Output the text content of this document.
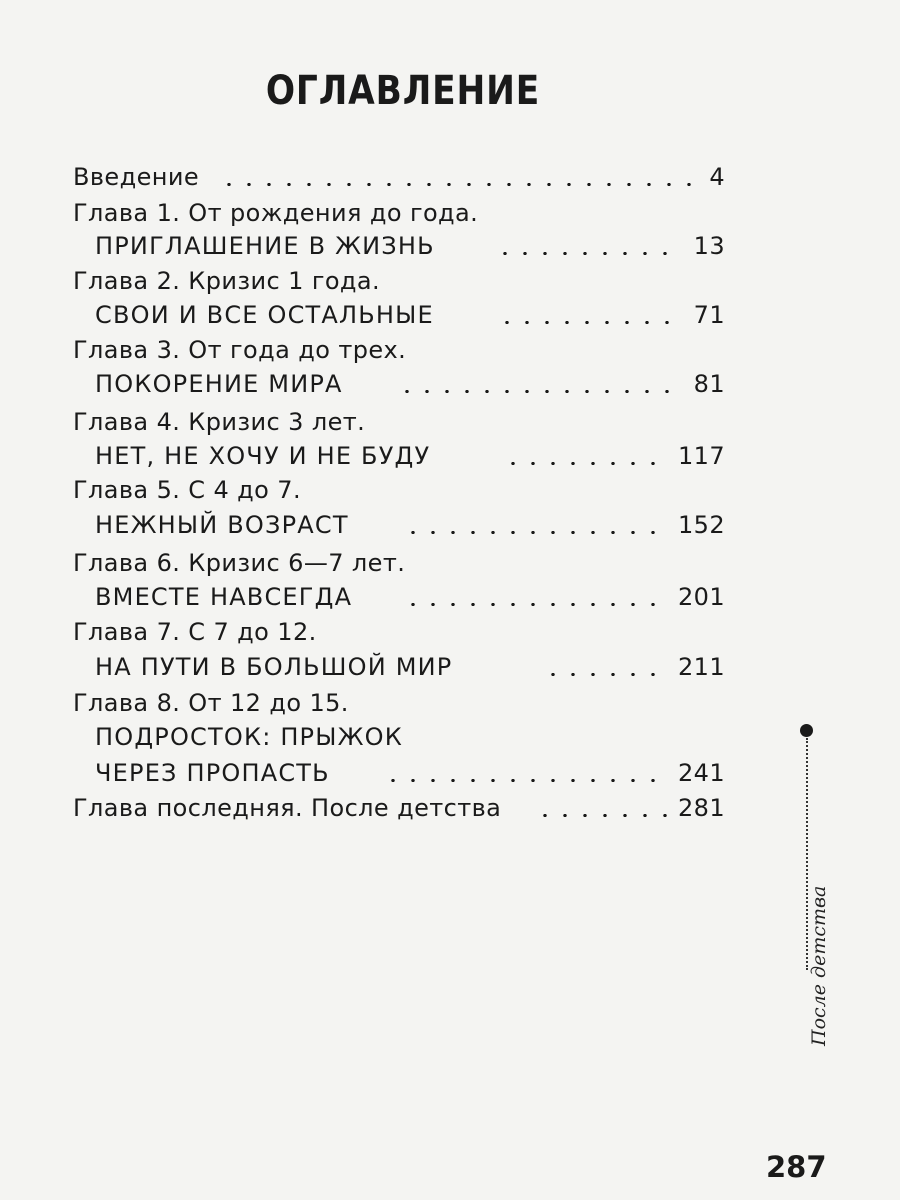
ОГЛАВЛЕНИЕ
Введение	4
Глава 1. От рождения до года.
ПРИГЛАШЕНИЕ В ЖИЗНЬ	13
Глава 2. Кризис 1 года.
СВОИ И ВСЕ ОСТАЛЬНЫЕ	71
Глава 3. От года до трех.
ПОКОРЕНИЕ МИРА	81
Глава 4. Кризис 3 лет.
НЕТ, НЕ ХОЧУ И НЕ БУДУ	117
Глава 5. С 4 до 7.
НЕЖНЫЙ ВОЗРАСТ	152
Глава 6. Кризис 6—7 лет.
ВМЕСТЕ НАВСЕГДА	201
Глава 7. С 7 до 12.
НА ПУТИ В БОЛЬШОЙ МИР	211
Глава 8. От 12 до 15.
ПОДРОСТОК: ПРЫЖОК
ЧЕРЕЗ ПРОПАСТЬ	241
Глава последняя. После детства	281
После детства
287
